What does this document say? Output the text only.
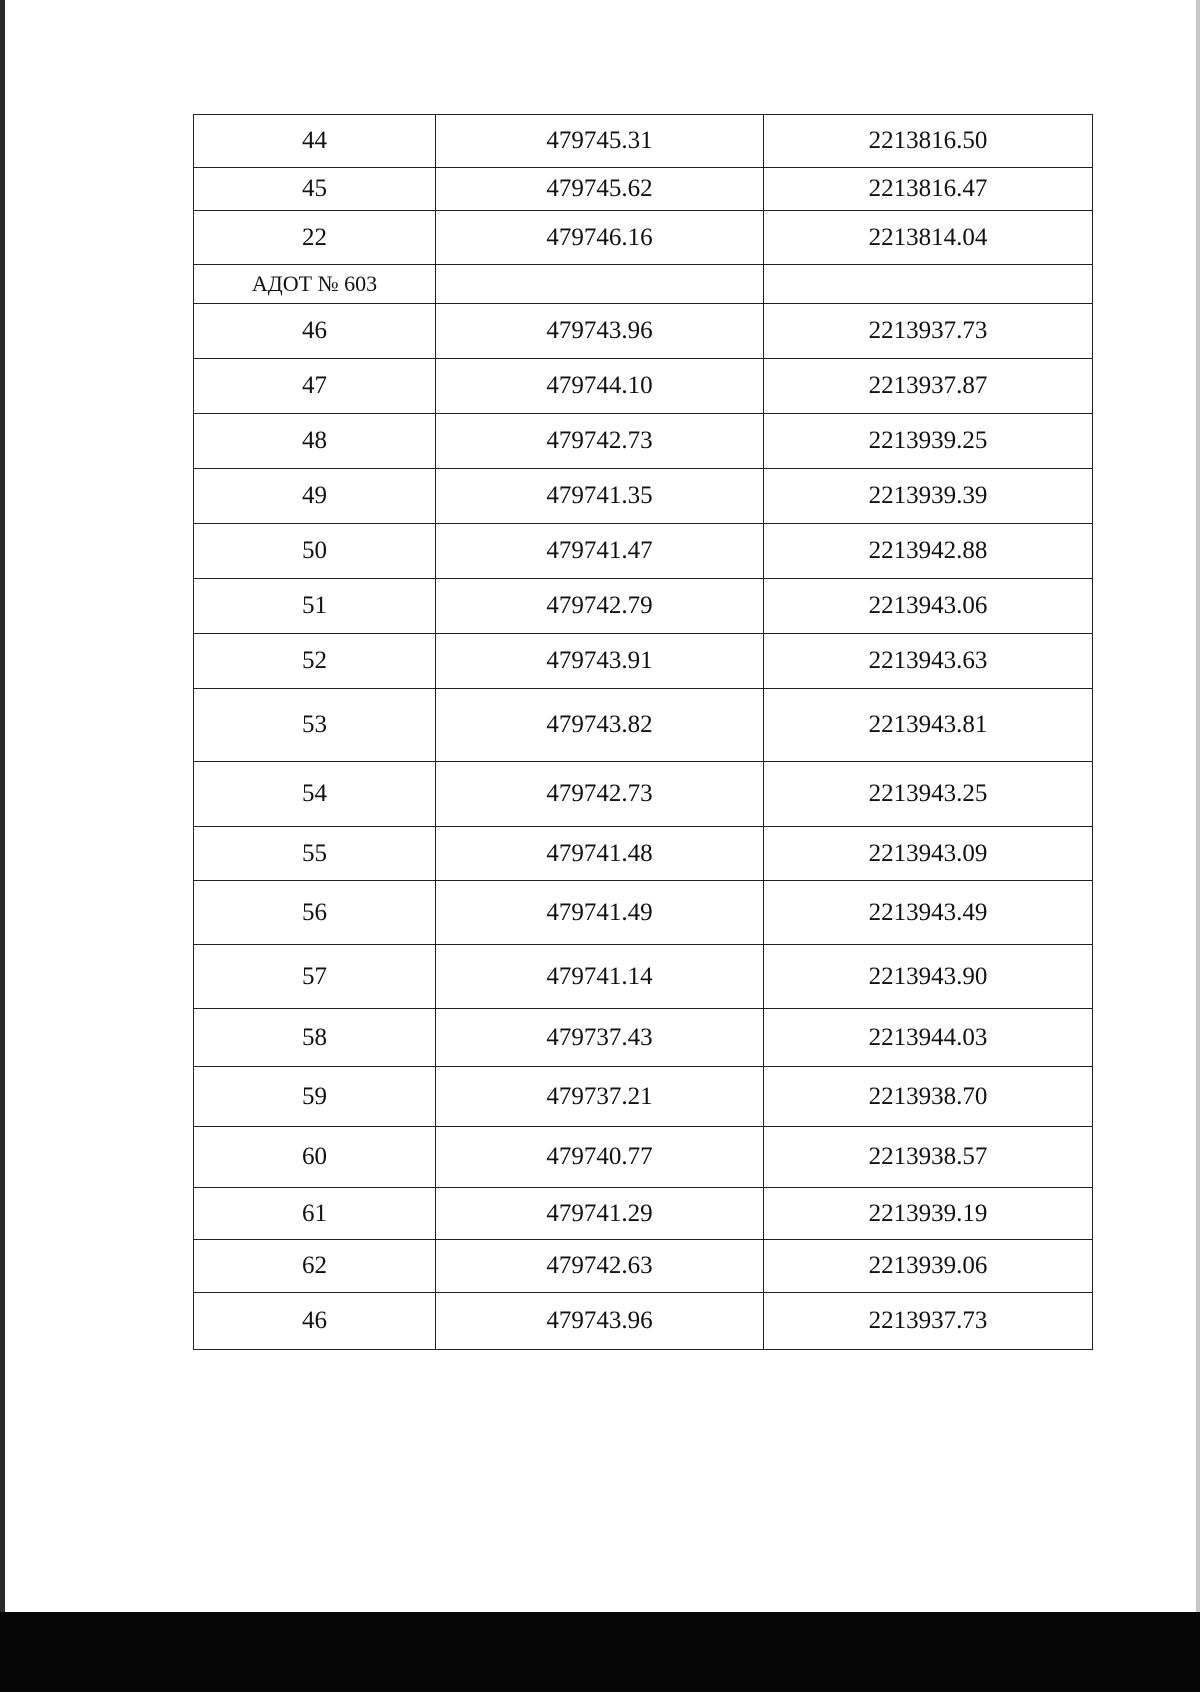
44	479745.31	2213816.50
45	479745.62	2213816.47
22	479746.16	2213814.04
АДОТ № 603		
46	479743.96	2213937.73
47	479744.10	2213937.87
48	479742.73	2213939.25
49	479741.35	2213939.39
50	479741.47	2213942.88
51	479742.79	2213943.06
52	479743.91	2213943.63
53	479743.82	2213943.81
54	479742.73	2213943.25
55	479741.48	2213943.09
56	479741.49	2213943.49
57	479741.14	2213943.90
58	479737.43	2213944.03
59	479737.21	2213938.70
60	479740.77	2213938.57
61	479741.29	2213939.19
62	479742.63	2213939.06
46	479743.96	2213937.73
